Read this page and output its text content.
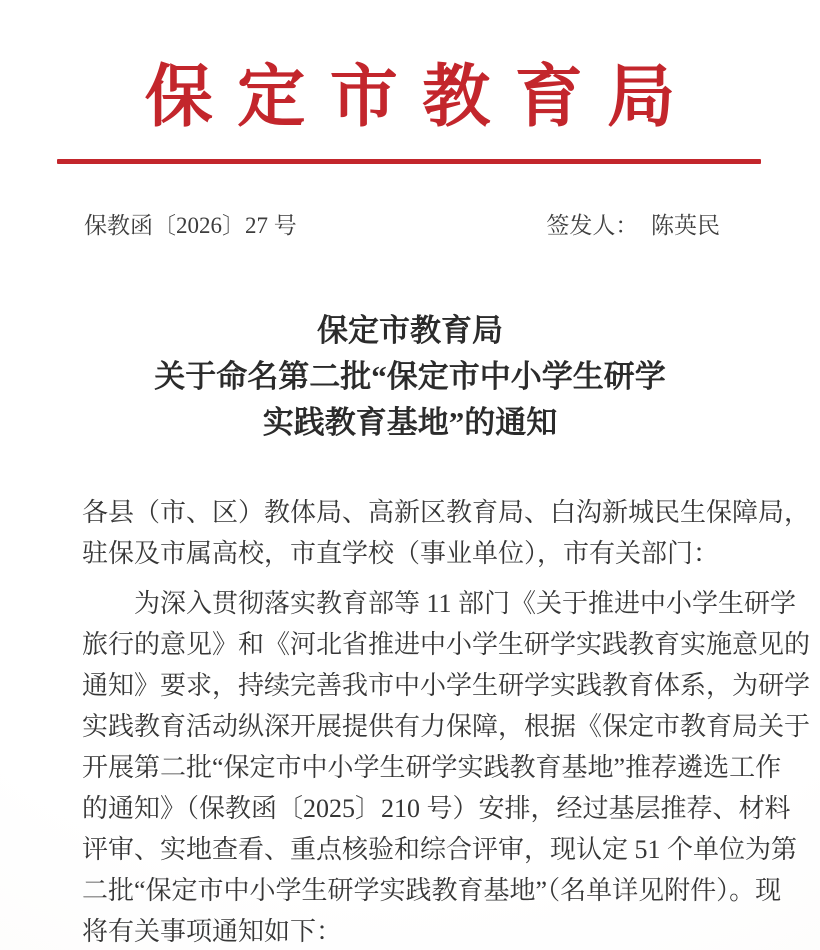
保定市教育局
保教函〔2026〕27 号	签发人： 陈英民
保定市教育局
关于命名第二批“保定市中小学生研学
实践教育基地”的通知
各县（市、区）教体局、高新区教育局、白沟新城民生保障局，
驻保及市属高校，市直学校（事业单位），市有关部门：
为深入贯彻落实教育部等 11 部门《关于推进中小学生研学
旅行的意见》和《河北省推进中小学生研学实践教育实施意见的
通知》要求，持续完善我市中小学生研学实践教育体系，为研学
实践教育活动纵深开展提供有力保障，根据《保定市教育局关于
开展第二批“保定市中小学生研学实践教育基地”推荐遴选工作
的通知》（保教函〔2025〕210 号）安排，经过基层推荐、材料
评审、实地查看、重点核验和综合评审，现认定 51 个单位为第
二批“保定市中小学生研学实践教育基地”（名单详见附件）。现
将有关事项通知如下：
